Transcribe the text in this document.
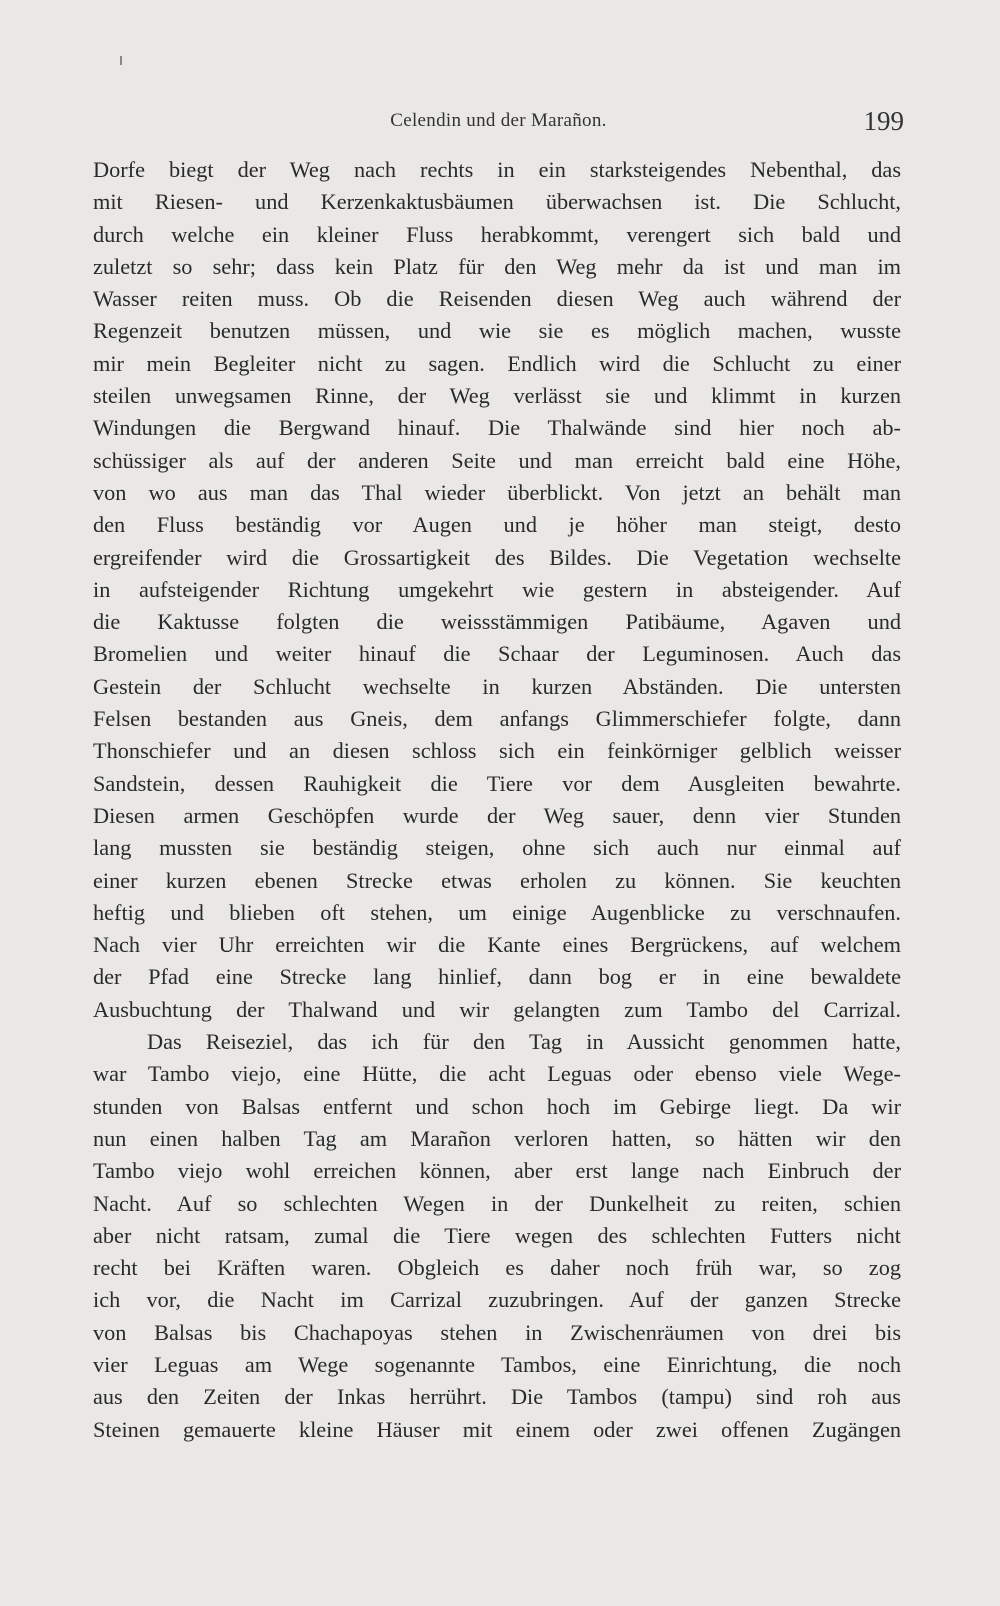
Celendin und der Marañon.	199
Dorfe biegt der Weg nach rechts in ein starksteigendes Nebenthal, das
mit Riesen- und Kerzenkaktusbäumen überwachsen ist. Die Schlucht,
durch welche ein kleiner Fluss herabkommt, verengert sich bald und
zuletzt so sehr; dass kein Platz für den Weg mehr da ist und man im
Wasser reiten muss. Ob die Reisenden diesen Weg auch während der
Regenzeit benutzen müssen, und wie sie es möglich machen, wusste
mir mein Begleiter nicht zu sagen. Endlich wird die Schlucht zu einer
steilen unwegsamen Rinne, der Weg verlässt sie und klimmt in kurzen
Windungen die Bergwand hinauf. Die Thalwände sind hier noch ab-
schüssiger als auf der anderen Seite und man erreicht bald eine Höhe,
von wo aus man das Thal wieder überblickt. Von jetzt an behält man
den Fluss beständig vor Augen und je höher man steigt, desto
ergreifender wird die Grossartigkeit des Bildes. Die Vegetation wechselte
in aufsteigender Richtung umgekehrt wie gestern in absteigender. Auf
die Kaktusse folgten die weissstämmigen Patibäume, Agaven und
Bromelien und weiter hinauf die Schaar der Leguminosen. Auch das
Gestein der Schlucht wechselte in kurzen Abständen. Die untersten
Felsen bestanden aus Gneis, dem anfangs Glimmerschiefer folgte, dann
Thonschiefer und an diesen schloss sich ein feinkörniger gelblich weisser
Sandstein, dessen Rauhigkeit die Tiere vor dem Ausgleiten bewahrte.
Diesen armen Geschöpfen wurde der Weg sauer, denn vier Stunden
lang mussten sie beständig steigen, ohne sich auch nur einmal auf
einer kurzen ebenen Strecke etwas erholen zu können. Sie keuchten
heftig und blieben oft stehen, um einige Augenblicke zu verschnaufen.
Nach vier Uhr erreichten wir die Kante eines Bergrückens, auf welchem
der Pfad eine Strecke lang hinlief, dann bog er in eine bewaldete
Ausbuchtung der Thalwand und wir gelangten zum Tambo del Carrizal.
Das Reiseziel, das ich für den Tag in Aussicht genommen hatte,
war Tambo viejo, eine Hütte, die acht Leguas oder ebenso viele Wege-
stunden von Balsas entfernt und schon hoch im Gebirge liegt. Da wir
nun einen halben Tag am Marañon verloren hatten, so hätten wir den
Tambo viejo wohl erreichen können, aber erst lange nach Einbruch der
Nacht. Auf so schlechten Wegen in der Dunkelheit zu reiten, schien
aber nicht ratsam, zumal die Tiere wegen des schlechten Futters nicht
recht bei Kräften waren. Obgleich es daher noch früh war, so zog
ich vor, die Nacht im Carrizal zuzubringen. Auf der ganzen Strecke
von Balsas bis Chachapoyas stehen in Zwischenräumen von drei bis
vier Leguas am Wege sogenannte Tambos, eine Einrichtung, die noch
aus den Zeiten der Inkas herrührt. Die Tambos (tampu) sind roh aus
Steinen gemauerte kleine Häuser mit einem oder zwei offenen Zugängen
